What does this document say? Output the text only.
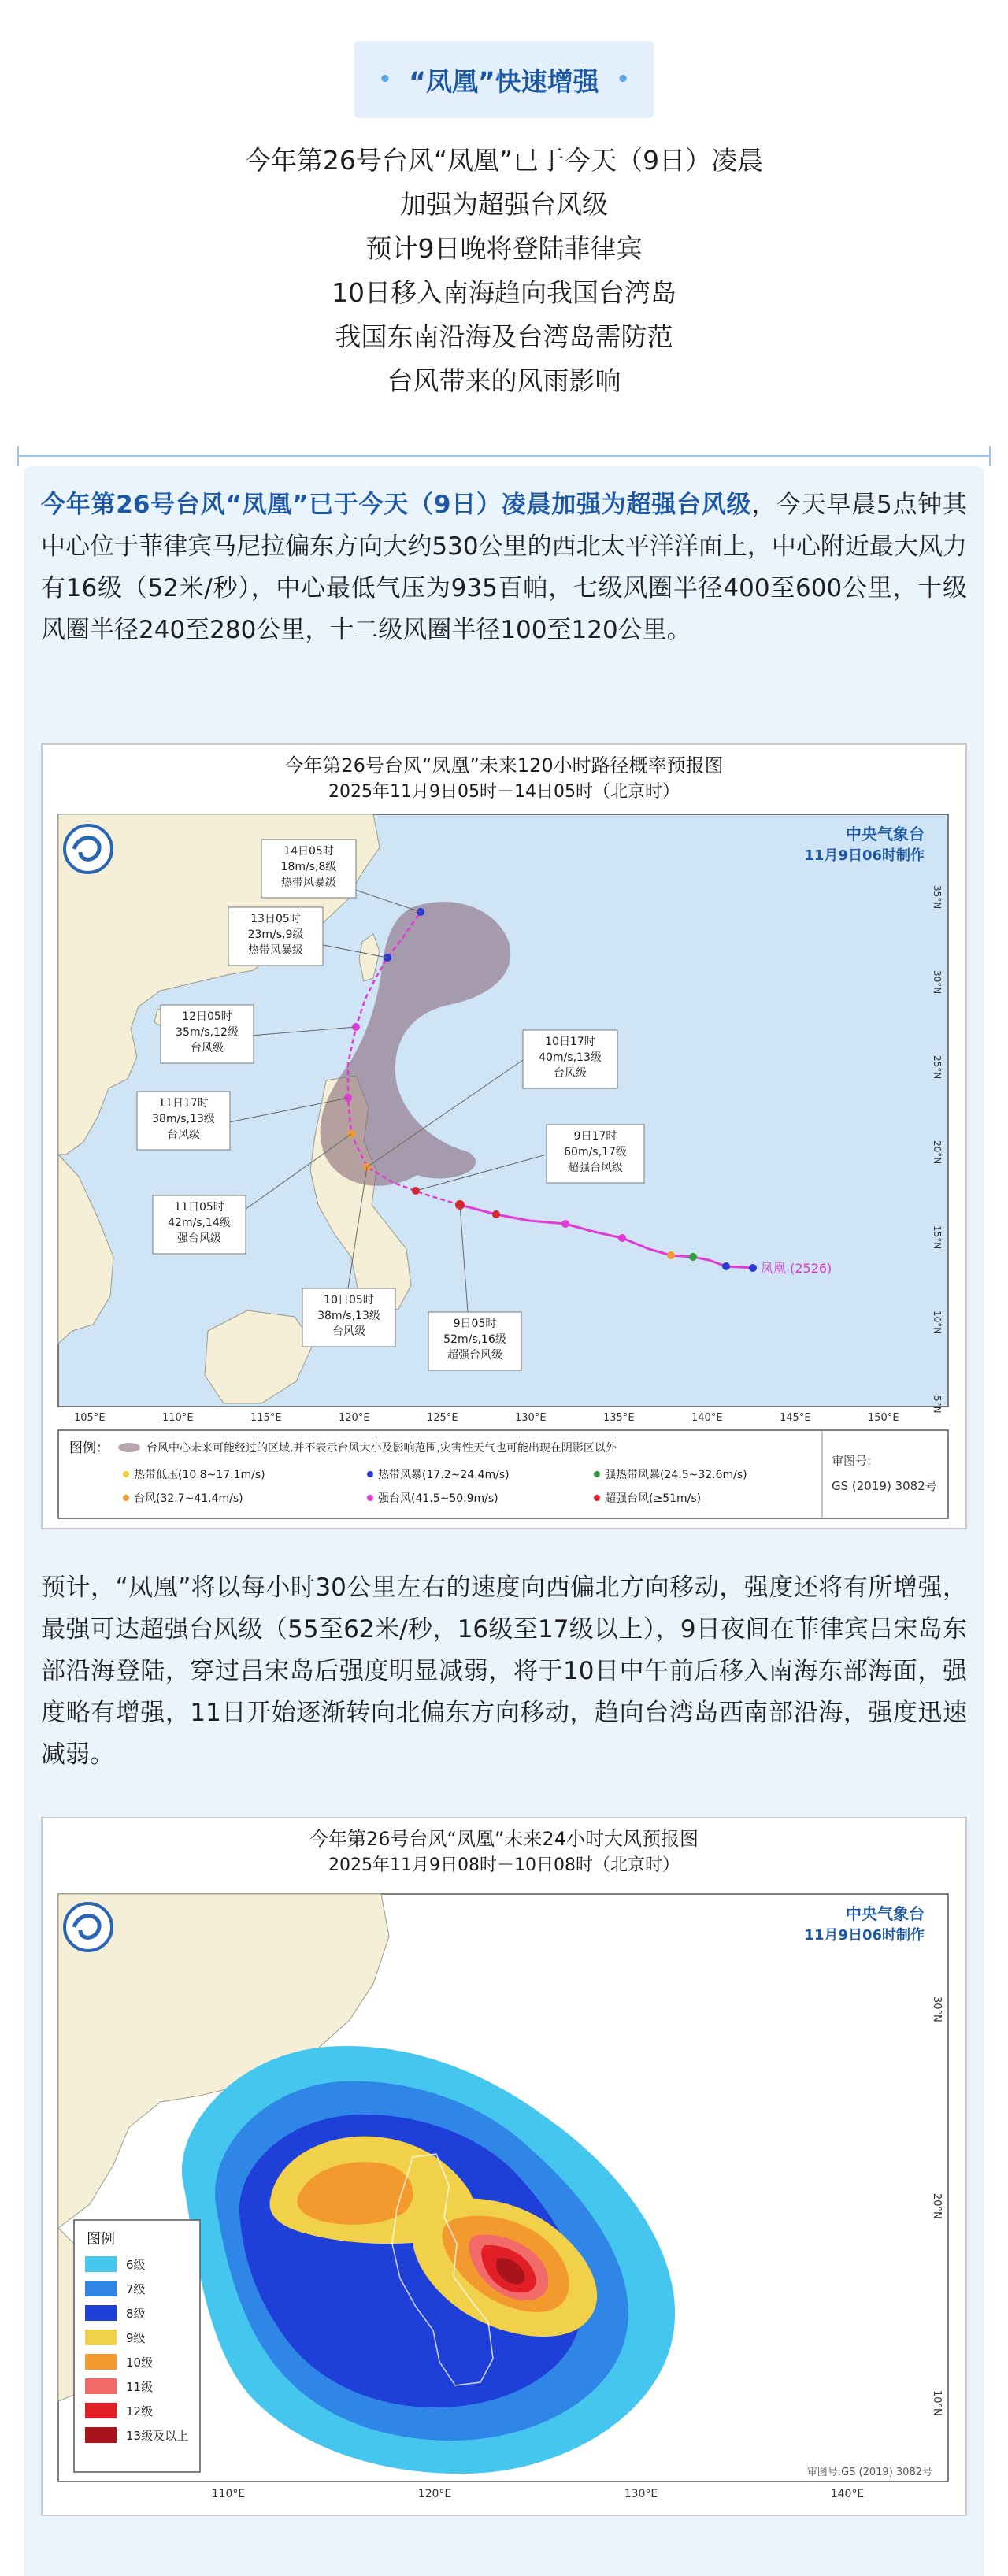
• “凤凰”快速增强 •

今年第26号台风“凤凰”已于今天（9日）凌晨

加强为超强台风级

预计9日晚将登陆菲律宾

10日移入南海趋向我国台湾岛

我国东南沿海及台湾岛需防范

台风带来的风雨影响

今年第26号台风“凤凰”已于今天（9日）凌晨加强为超强台风级，今天早晨5点钟其中心位于菲律宾马尼拉偏东方向大约530公里的西北太平洋洋面上，中心附近最大风力有16级（52米/秒），中心最低气压为935百帕，七级风圈半径400至600公里，十级风圈半径240至280公里，十二级风圈半径100至120公里。

今年第26号台风“凤凰”未来120小时路径概率预报图
2025年11月9日05时－14日05时（北京时）
凤凰 (2526)
中央气象台
11月9日06时制作
14日05时
18m/s,8级
热带风暴级
13日05时
23m/s,9级
热带风暴级
12日05时
35m/s,12级
台风级
11日17时
38m/s,13级
台风级
11日05时
42m/s,14级
强台风级
10日05时
38m/s,13级
台风级
9日05时
52m/s,16级
超强台风级
10日17时
40m/s,13级
台风级
9日17时
60m/s,17级
超强台风级
105°E	110°E	115°E	120°E	125°E	130°E	135°E	140°E	145°E	150°E
35°N
30°N
25°N
20°N
15°N
10°N
5°N
图例：	台风中心未来可能经过的区域,并不表示台风大小及影响范围,灾害性天气也可能出现在阴影区以外
热带低压(10.8~17.1m/s)	热带风暴(17.2~24.4m/s)	强热带风暴(24.5~32.6m/s)
台风(32.7~41.4m/s)	强台风(41.5~50.9m/s)	超强台风(≥51m/s)
审图号:
GS (2019) 3082号

预计，“凤凰”将以每小时30公里左右的速度向西偏北方向移动，强度还将有所增强，最强可达超强台风级（55至62米/秒，16级至17级以上），9日夜间在菲律宾吕宋岛东部沿海登陆，穿过吕宋岛后强度明显减弱，将于10日中午前后移入南海东部海面，强度略有增强，11日开始逐渐转向北偏东方向移动，趋向台湾岛西南部沿海，强度迅速减弱。

今年第26号台风“凤凰”未来24小时大风预报图
2025年11月9日08时－10日08时（北京时）
中央气象台
11月9日06时制作
图例
6级
7级
8级
9级
10级
11级
12级
13级及以上
审图号:GS (2019) 3082号
110°E	120°E	130°E	140°E
30°N
20°N
10°N
